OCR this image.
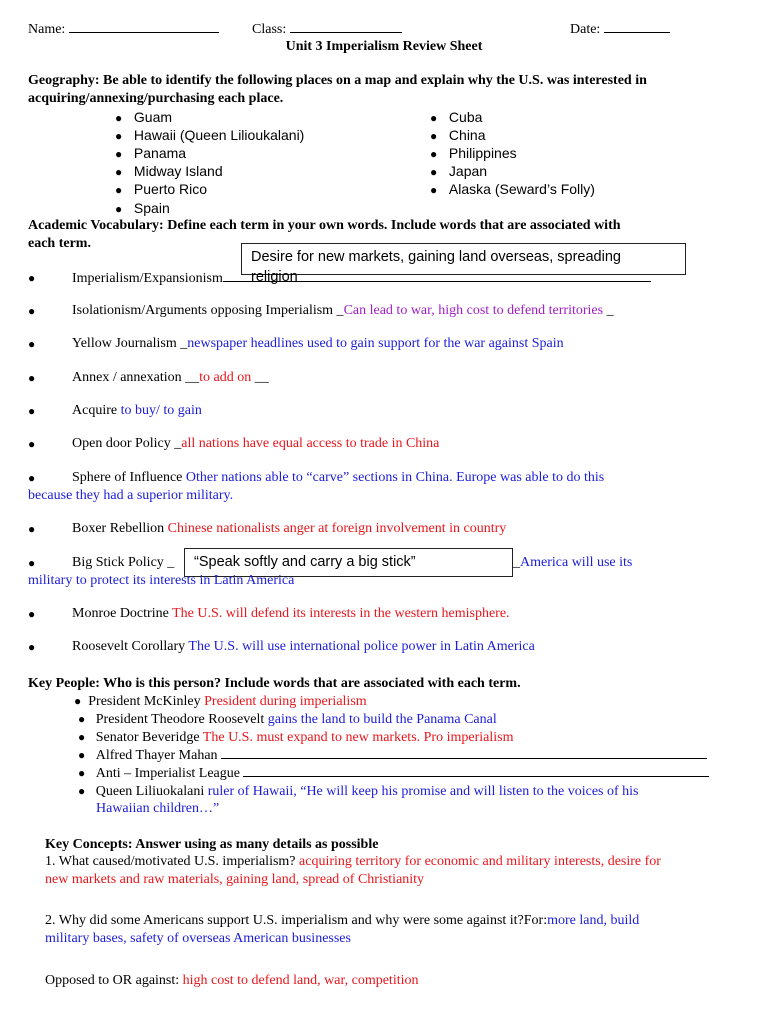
Name:	Class:	Date:
Unit 3 Imperialism Review Sheet
Geography: Be able to identify the following places on a map and explain why the U.S. was interested in
acquiring/annexing/purchasing each place.
● Guam
● Hawaii (Queen Lilioukalani)
● Panama
● Midway Island
● Puerto Rico
● Spain
● Cuba
● China
● Philippines
● Japan
● Alaska (Seward’s Folly)
Academic Vocabulary: Define each term in your own words. Include words that are associated with
each term.
●	Imperialism/Expansionism
Desire for new markets, gaining land overseas, spreading
religion
●	Isolationism/Arguments opposing Imperialism _Can lead to war, high cost to defend territories _
●	Yellow Journalism _newspaper headlines used to gain support for the war against Spain
●	Annex / annexation __to add on __
●	Acquire to buy/ to gain
●	Open door Policy _all nations have equal access to trade in China
●	Sphere of Influence Other nations able to “carve” sections in China. Europe was able to do this
because they had a superior military.
●	Boxer Rebellion Chinese nationalists anger at foreign involvement in country
●	Big Stick Policy _	“Speak softly and carry a big stick”	_America will use its
military to protect its interests in Latin America
●	Monroe Doctrine The U.S. will defend its interests in the western hemisphere.
●	Roosevelt Corollary The U.S. will use international police power in Latin America
Key People: Who is this person? Include words that are associated with each term.
● President McKinley President during imperialism
● President Theodore Roosevelt gains the land to build the Panama Canal
● Senator Beveridge The U.S. must expand to new markets. Pro imperialism
● Alfred Thayer Mahan
● Anti – Imperialist League
● Queen Liliuokalani ruler of Hawaii, “He will keep his promise and will listen to the voices of his
Hawaiian children…”
Key Concepts: Answer using as many details as possible
1. What caused/motivated U.S. imperialism? acquiring territory for economic and military interests, desire for
new markets and raw materials, gaining land, spread of Christianity
2. Why did some Americans support U.S. imperialism and why were some against it?For:more land, build
military bases, safety of overseas American businesses
Opposed to OR against: high cost to defend land, war, competition
